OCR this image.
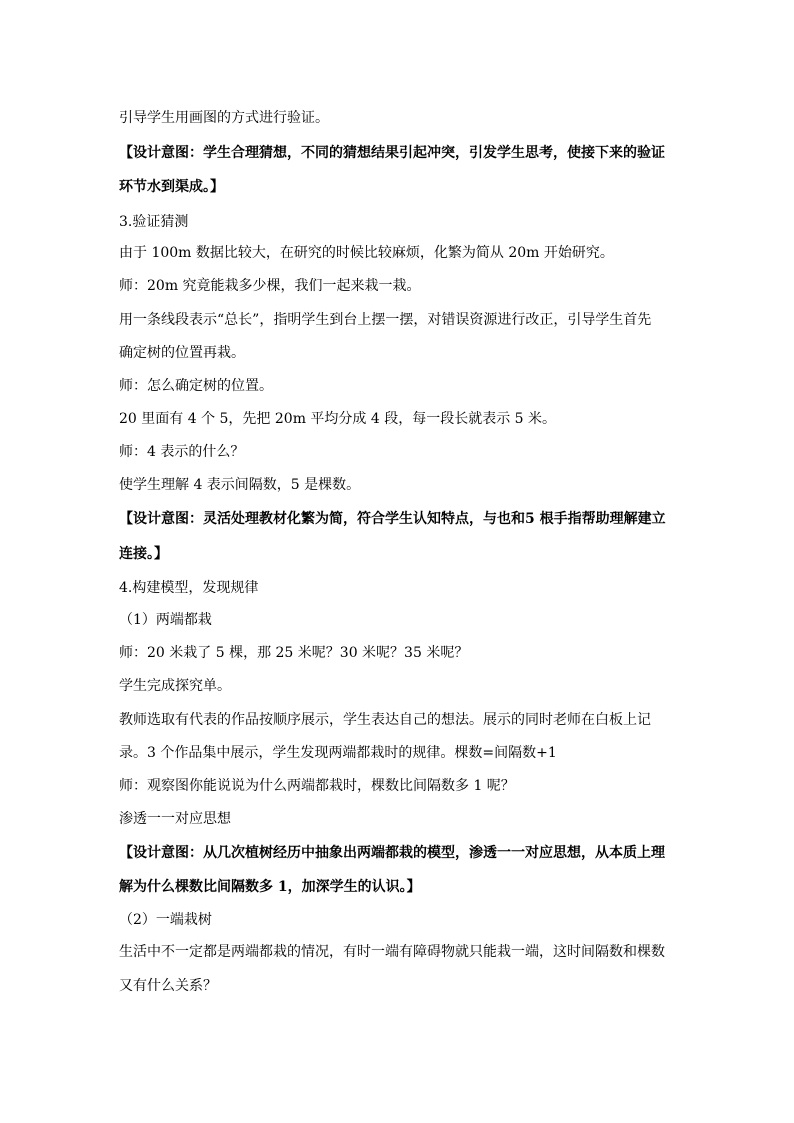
引导学生用画图的方式进行验证。
【设计意图：学生合理猜想，不同的猜想结果引起冲突，引发学生思考，使接下来的验证
环节水到渠成。】
3.验证猜测
由于 100m 数据比较大，在研究的时候比较麻烦，化繁为简从 20m 开始研究。
师：20m 究竟能栽多少棵，我们一起来栽一栽。
用一条线段表示“总长”，指明学生到台上摆一摆，对错误资源进行改正，引导学生首先
确定树的位置再栽。
师：怎么确定树的位置。
20 里面有 4 个 5，先把 20m 平均分成 4 段，每一段长就表示 5 米。
师：4 表示的什么？
使学生理解 4 表示间隔数，5 是棵数。
【设计意图：灵活处理教材化繁为简，符合学生认知特点，与也和5 根手指帮助理解建立
连接。】
4.构建模型，发现规律
（1）两端都栽
师：20 米栽了 5 棵，那 25 米呢？30 米呢？35 米呢？
学生完成探究单。
教师选取有代表的作品按顺序展示，学生表达自己的想法。展示的同时老师在白板上记
录。3 个作品集中展示，学生发现两端都栽时的规律。棵数=间隔数+1
师：观察图你能说说为什么两端都栽时，棵数比间隔数多 1 呢？
渗透一一对应思想
【设计意图：从几次植树经历中抽象出两端都栽的模型，渗透一一对应思想，从本质上理
解为什么棵数比间隔数多 1，加深学生的认识。】
（2）一端栽树
生活中不一定都是两端都栽的情况，有时一端有障碍物就只能栽一端，这时间隔数和棵数
又有什么关系？
